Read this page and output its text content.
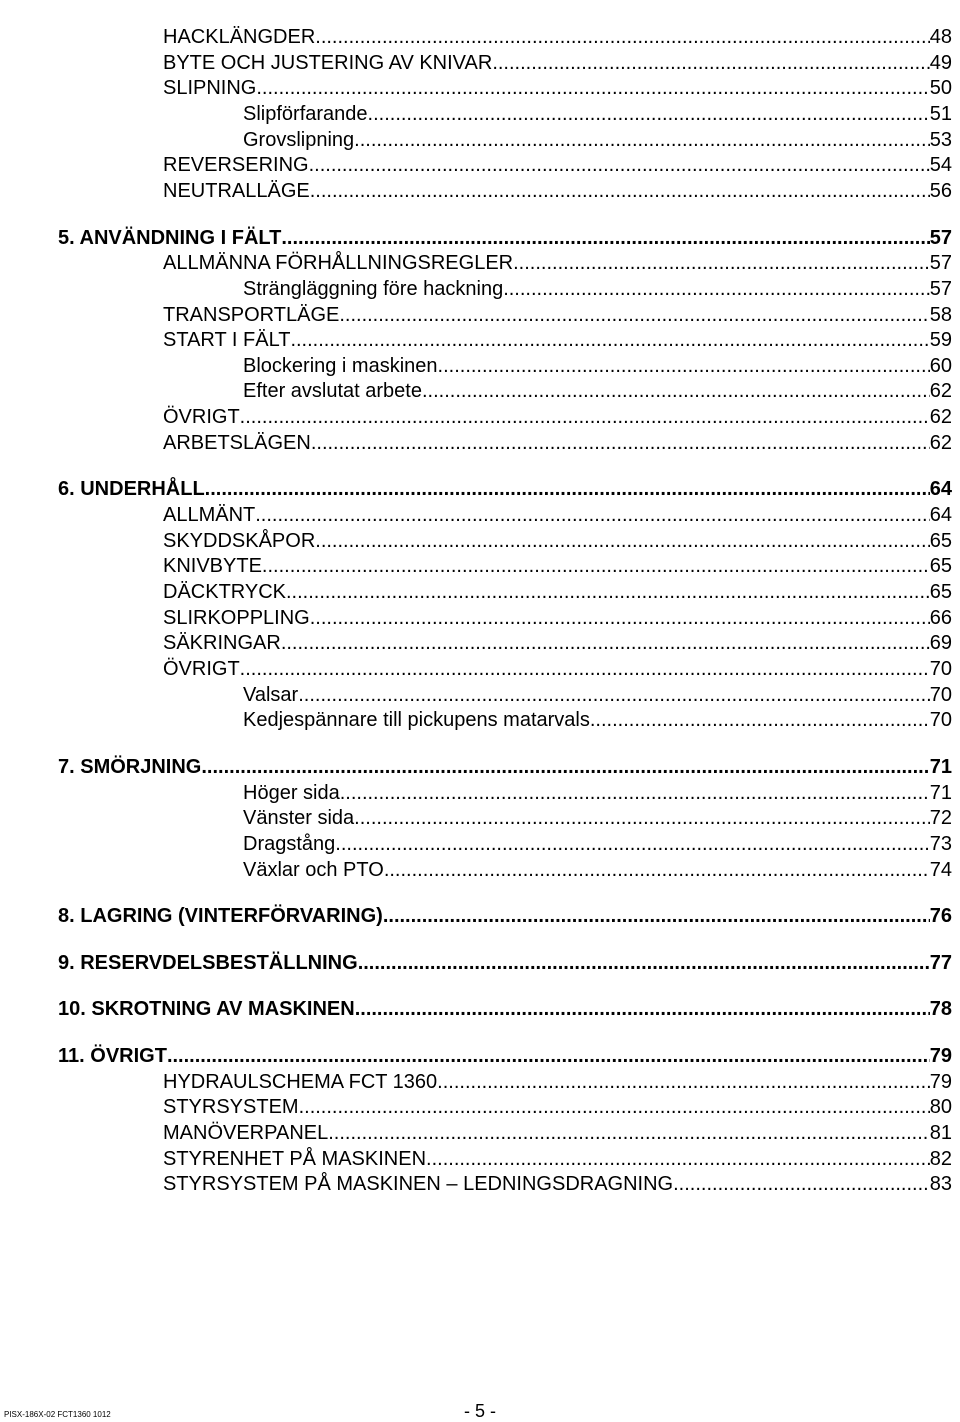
HACKLÄNGDER .....	48
BYTE OCH JUSTERING AV KNIVAR. .....	49
SLIPNING .....	50
Slipförfarande .....	51
Grovslipning .....	53
REVERSERING .....	54
NEUTRALLÄGE .....	56
5. ANVÄNDNING I FÄLT .....	57
ALLMÄNNA FÖRHÅLLNINGSREGLER .....	57
Strängläggning före hackning .....	57
TRANSPORTLÄGE .....	58
START I FÄLT .....	59
Blockering i maskinen .....	60
Efter avslutat arbete .....	62
ÖVRIGT .....	62
ARBETSLÄGEN .....	62
6. UNDERHÅLL .....	64
ALLMÄNT .....	64
SKYDDSKÅPOR .....	65
KNIVBYTE .....	65
DÄCKTRYCK .....	65
SLIRKOPPLING .....	66
SÄKRINGAR .....	69
ÖVRIGT .....	70
Valsar .....	70
Kedjespännare till pickupens matarvals .....	70
7. SMÖRJNING .....	71
Höger sida .....	71
Vänster sida .....	72
Dragstång .....	73
Växlar och PTO .....	74
8. LAGRING (VINTERFÖRVARING) .....	76
9. RESERVDELSBESTÄLLNING .....	77
10. SKROTNING AV MASKINEN .....	78
11. ÖVRIGT .....	79
HYDRAULSCHEMA FCT 1360 .....	79
STYRSYSTEM .....	80
MANÖVERPANEL .....	81
STYRENHET PÅ MASKINEN .....	82
STYRSYSTEM PÅ MASKINEN – LEDNINGSDRAGNING .....	83
PISX-186X-02 FCT1360 1012	- 5 -
